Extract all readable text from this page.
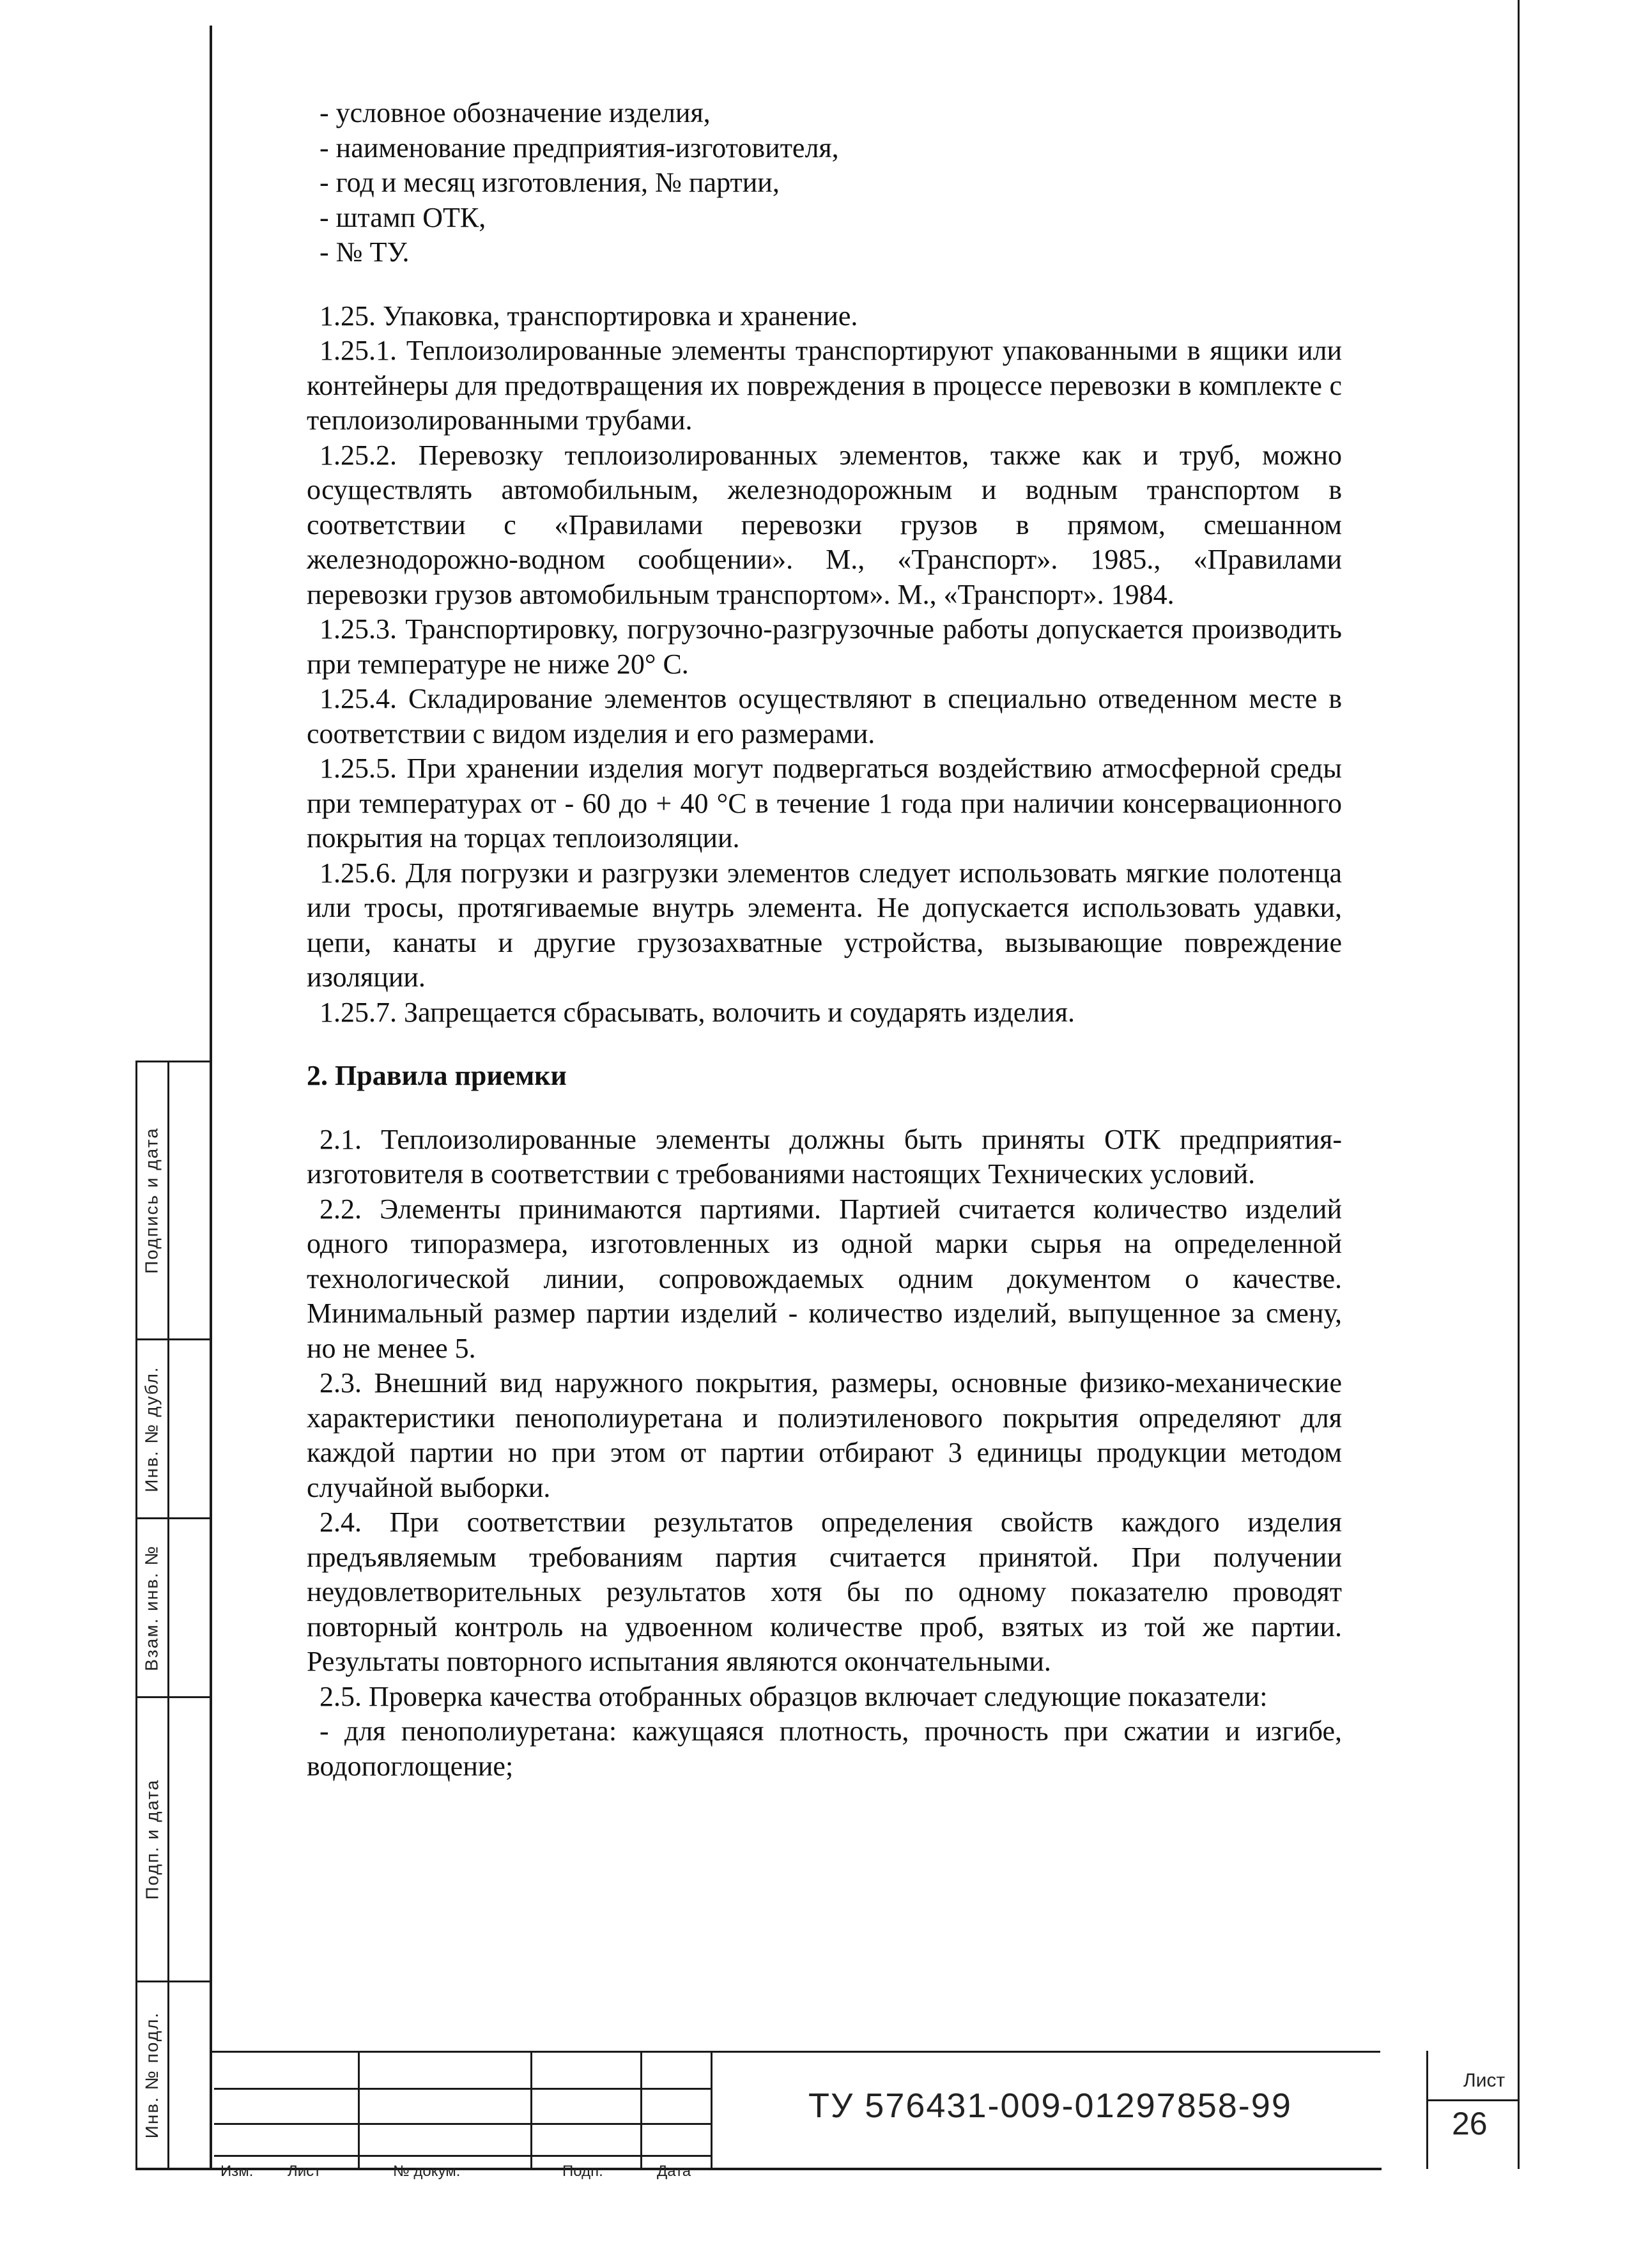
Подпись и дата
Инв. № дубл.
Взам. инв. №
Подп. и дата
Инв. № подл.
Изм. Лист	№ докум.	Подп.	Дата
ТУ 576431-009-01297858-99
Лист
26

- условное обозначение изделия,

- наименование предприятия-изготовителя,

- год и месяц изготовления, № партии,

- штамп ОТК,

- № ТУ.

1.25. Упаковка, транспортировка и хранение.

1.25.1. Теплоизолированные элементы транспортируют упакованными в ящики или контейнеры для предотвращения их повреждения в процессе перевозки в комплекте с теплоизолированными трубами.

1.25.2. Перевозку теплоизолированных элементов, также как и труб, можно осуществлять автомобильным, железнодорожным и водным транспортом в соответствии с «Правилами перевозки грузов в прямом, смешанном железнодорожно-водном сообщении». М., «Транспорт». 1985., «Правилами перевозки грузов автомобильным транспортом». М., «Транспорт». 1984.

1.25.3. Транспортировку, погрузочно-разгрузочные работы допускается производить при температуре не ниже 20° С.

1.25.4. Складирование элементов осуществляют в специально отведенном месте в соответствии с видом изделия и его размерами.

1.25.5. При хранении изделия могут подвергаться воздействию атмосферной среды при температурах от - 60 до + 40 °С в течение 1 года при наличии консервационного покрытия на торцах теплоизоляции.

1.25.6. Для погрузки и разгрузки элементов следует использовать мягкие полотенца или тросы, протягиваемые внутрь элемента. Не допускается использовать удавки, цепи, канаты и другие грузозахватные устройства, вызывающие повреждение изоляции.

1.25.7. Запрещается сбрасывать, волочить и соударять изделия.

2. Правила приемки

2.1. Теплоизолированные элементы должны быть приняты ОТК предприятия-изготовителя в соответствии с требованиями настоящих Технических условий.

2.2. Элементы принимаются партиями. Партией считается количество изделий одного типоразмера, изготовленных из одной марки сырья на определенной технологической линии, сопровождаемых одним документом о качестве. Минимальный размер партии изделий - количество изделий, выпущенное за смену, но не менее 5.

2.3. Внешний вид наружного покрытия, размеры, основные физико-механические характеристики пенополиуретана и полиэтиленового покрытия определяют для каждой партии но при этом от партии отбирают 3 единицы продукции методом случайной выборки.

2.4. При соответствии результатов определения свойств каждого изделия предъявляемым требованиям партия считается принятой. При получении неудовлетворительных результатов хотя бы по одному показателю проводят повторный контроль на удвоенном количестве проб, взятых из той же партии. Результаты повторного испытания являются окончательными.

2.5. Проверка качества отобранных образцов включает следующие показатели:

- для пенополиуретана: кажущаяся плотность, прочность при сжатии и изгибе, водопоглощение;
